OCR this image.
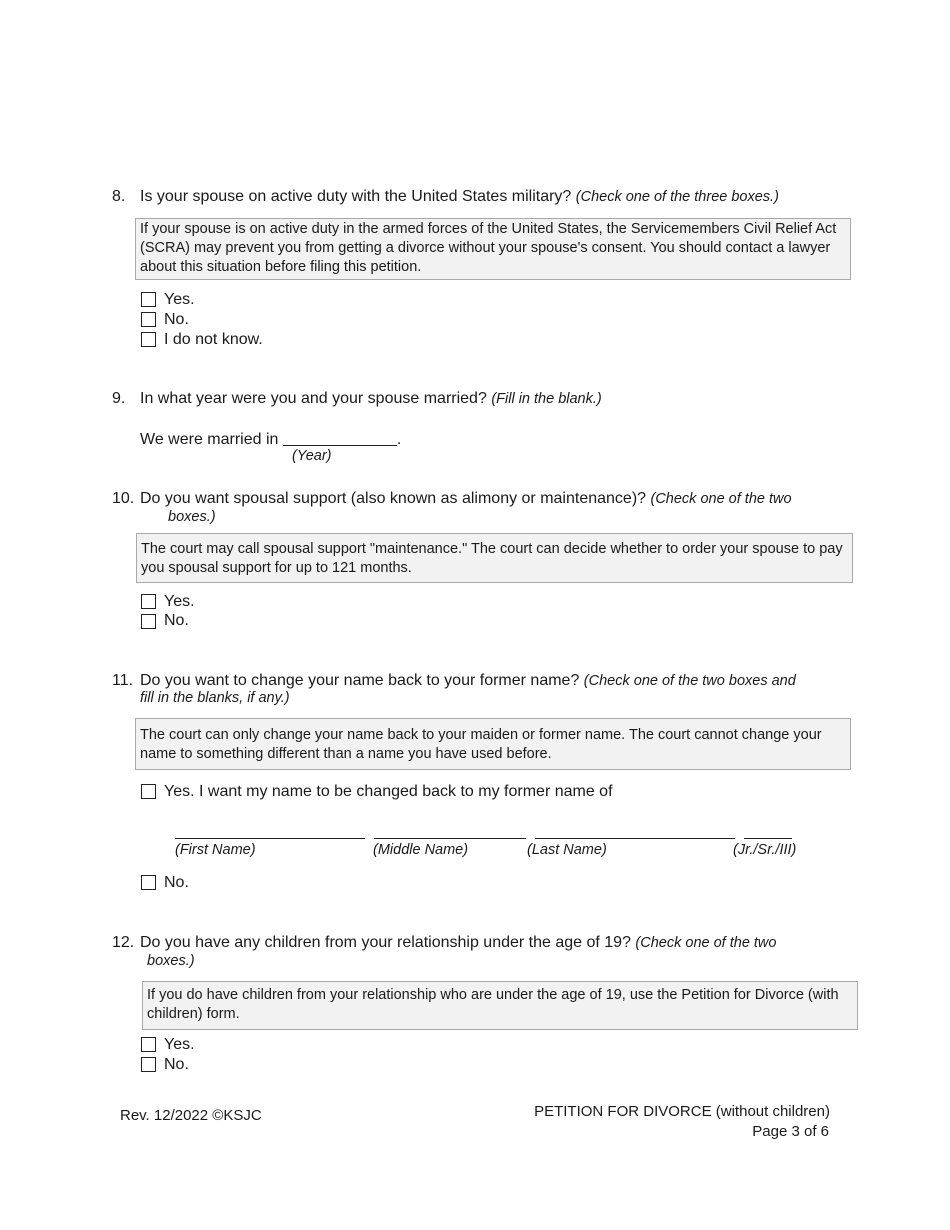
8. Is your spouse on active duty with the United States military? (Check one of the three boxes.)
If your spouse is on active duty in the armed forces of the United States, the Servicemembers Civil Relief Act (SCRA) may prevent you from getting a divorce without your spouse's consent. You should contact a lawyer about this situation before filing this petition.
Yes.
No.
I do not know.
9. In what year were you and your spouse married? (Fill in the blank.)
We were married in	.
(Year)
10. Do you want spousal support (also known as alimony or maintenance)? (Check one of the two
boxes.)
The court may call spousal support "maintenance." The court can decide whether to order your spouse to pay you spousal support for up to 121 months.
Yes.
No.
11. Do you want to change your name back to your former name? (Check one of the two boxes and
fill in the blanks, if any.)
The court can only change your name back to your maiden or former name. The court cannot change your name to something different than a name you have used before.
Yes. I want my name to be changed back to my former name of
(First Name)	(Middle Name)	(Last Name)	(Jr./Sr./III)
No.
12. Do you have any children from your relationship under the age of 19? (Check one of the two
boxes.)
If you do have children from your relationship who are under the age of 19, use the Petition for Divorce (with children) form.
Yes.
No.
Rev. 12/2022 ©KSJC	PETITION FOR DIVORCE (without children)
Page 3 of 6
